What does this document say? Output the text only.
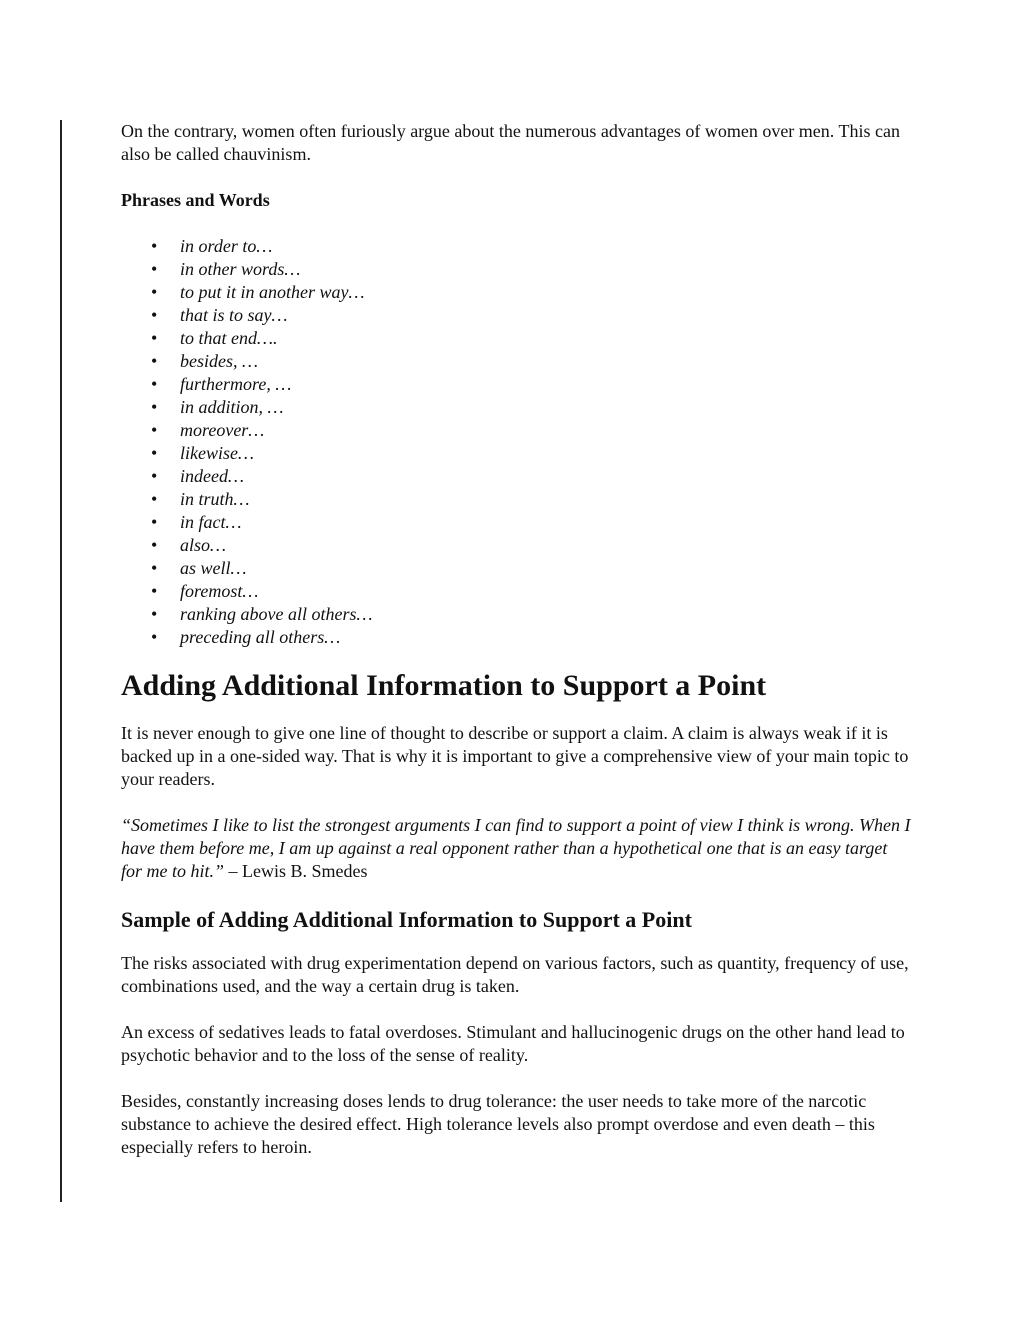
On the contrary, women often furiously argue about the numerous advantages of women over men. This can also be called chauvinism.

Phrases and Words
• in order to…
• in other words…
• to put it in another way…
• that is to say…
• to that end….
• besides, …
• furthermore, …
• in addition, …
• moreover…
• likewise…
• indeed…
• in truth…
• in fact…
• also…
• as well…
• foremost…
• ranking above all others…
• preceding all others…
Adding Additional Information to Support a Point

It is never enough to give one line of thought to describe or support a claim. A claim is always weak if it is backed up in a one-sided way. That is why it is important to give a comprehensive view of your main topic to your readers.

“Sometimes I like to list the strongest arguments I can find to support a point of view I think is wrong. When I have them before me, I am up against a real opponent rather than a hypothetical one that is an easy target for me to hit.” – Lewis B. Smedes

Sample of Adding Additional Information to Support a Point

The risks associated with drug experimentation depend on various factors, such as quantity, frequency of use, combinations used, and the way a certain drug is taken.

An excess of sedatives leads to fatal overdoses. Stimulant and hallucinogenic drugs on the other hand lead to psychotic behavior and to the loss of the sense of reality.

Besides, constantly increasing doses lends to drug tolerance: the user needs to take more of the narcotic substance to achieve the desired effect. High tolerance levels also prompt overdose and even death – this especially refers to heroin.
